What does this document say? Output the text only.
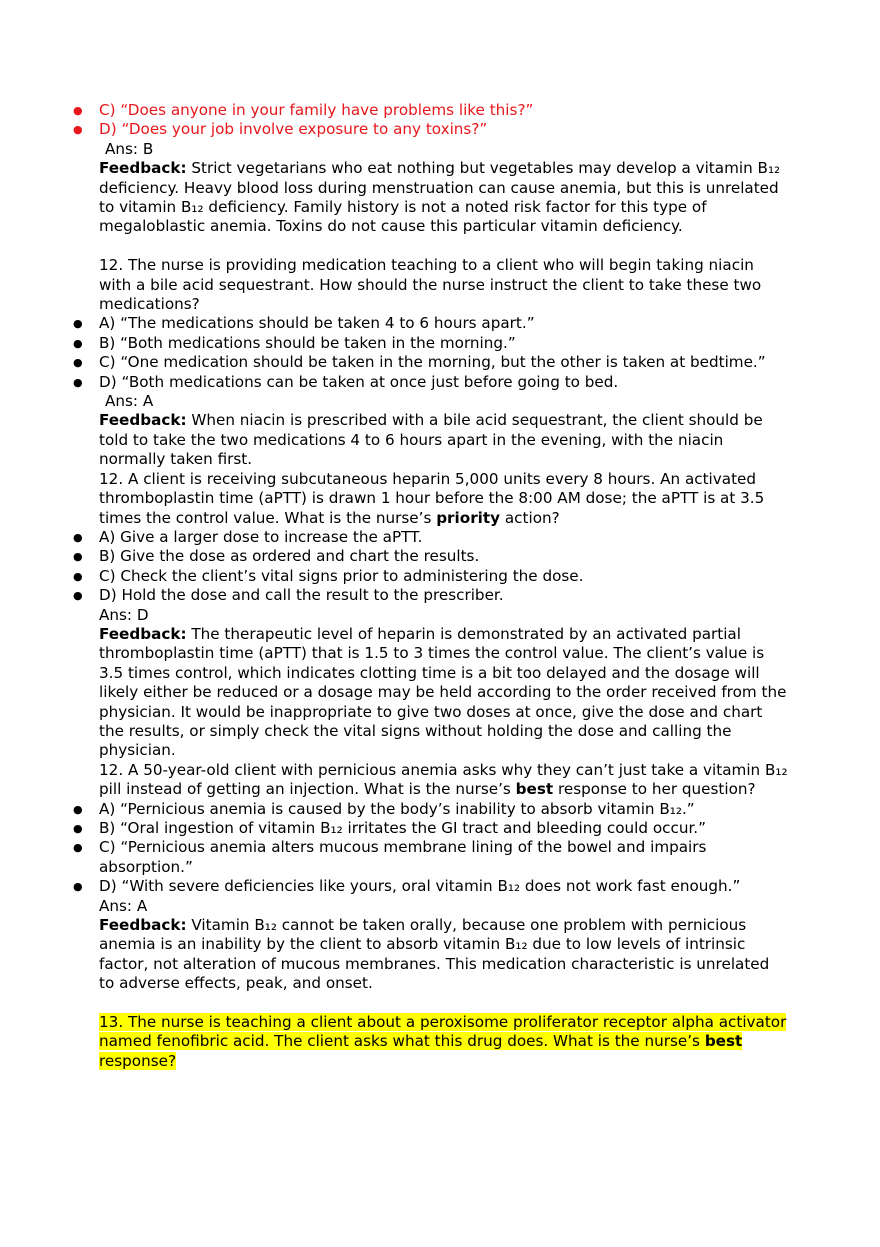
● C) “Does anyone in your family have problems like this?”
● D) “Does your job involve exposure to any toxins?”

Ans: B

Feedback: Strict vegetarians who eat nothing but vegetables may develop a vitamin B₁₂ deficiency. Heavy blood loss during menstruation can cause anemia, but this is unrelated to vitamin B₁₂ deficiency. Family history is not a noted risk factor for this type of megaloblastic anemia. Toxins do not cause this particular vitamin deficiency.

12. The nurse is providing medication teaching to a client who will begin taking niacin with a bile acid sequestrant. How should the nurse instruct the client to take these two medications?

● A) “The medications should be taken 4 to 6 hours apart.”
● B) “Both medications should be taken in the morning.”
● C) “One medication should be taken in the morning, but the other is taken at bedtime.”
● D) “Both medications can be taken at once just before going to bed.

Ans: A

Feedback: When niacin is prescribed with a bile acid sequestrant, the client should be told to take the two medications 4 to 6 hours apart in the evening, with the niacin normally taken first.

12. A client is receiving subcutaneous heparin 5,000 units every 8 hours. An activated thromboplastin time (aPTT) is drawn 1 hour before the 8:00 AM dose; the aPTT is at 3.5 times the control value. What is the nurse’s priority action?

● A) Give a larger dose to increase the aPTT.
● B) Give the dose as ordered and chart the results.
● C) Check the client’s vital signs prior to administering the dose.
● D) Hold the dose and call the result to the prescriber.

Ans: D

Feedback: The therapeutic level of heparin is demonstrated by an activated partial thromboplastin time (aPTT) that is 1.5 to 3 times the control value. The client’s value is 3.5 times control, which indicates clotting time is a bit too delayed and the dosage will likely either be reduced or a dosage may be held according to the order received from the physician. It would be inappropriate to give two doses at once, give the dose and chart the results, or simply check the vital signs without holding the dose and calling the physician.

12. A 50-year-old client with pernicious anemia asks why they can’t just take a vitamin B₁₂ pill instead of getting an injection. What is the nurse’s best response to her question?

● A) “Pernicious anemia is caused by the body’s inability to absorb vitamin B₁₂.”
● B) “Oral ingestion of vitamin B₁₂ irritates the GI tract and bleeding could occur.”
● C) “Pernicious anemia alters mucous membrane lining of the bowel and impairs absorption.”
● D) “With severe deficiencies like yours, oral vitamin B₁₂ does not work fast enough.”

Ans: A

Feedback: Vitamin B₁₂ cannot be taken orally, because one problem with pernicious anemia is an inability by the client to absorb vitamin B₁₂ due to low levels of intrinsic factor, not alteration of mucous membranes. This medication characteristic is unrelated to adverse effects, peak, and onset.

13. The nurse is teaching a client about a peroxisome proliferator receptor alpha activator named fenofibric acid. The client asks what this drug does. What is the nurse’s best response?
